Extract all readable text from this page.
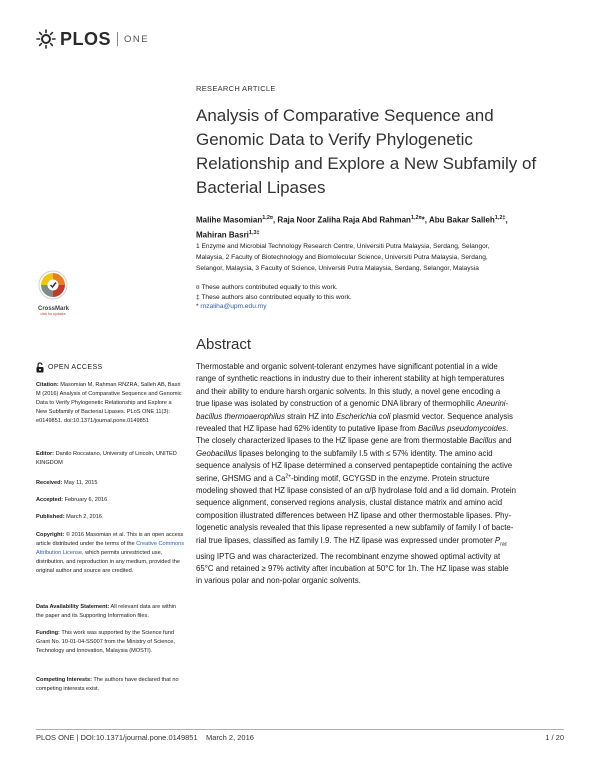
PLOS ONE
RESEARCH ARTICLE
Analysis of Comparative Sequence and
Genomic Data to Verify Phylogenetic
Relationship and Explore a New Subfamily of
Bacterial Lipases
Malihe Masomian$^{1,2¤}$, Raja Noor Zaliha Raja Abd Rahman$^{1,2¤}$*, Abu Bakar Salleh$^{1,2\ddagger}$,
Mahiran Basri$^{1,3\ddagger}$
1 Enzyme and Microbial Technology Research Centre, Universiti Putra Malaysia, Serdang, Selangor,
Malaysia, 2 Faculty of Biotechnology and Biomolecular Science, Universiti Putra Malaysia, Serdang,
Selangor, Malaysia, 3 Faculty of Science, Universiti Putra Malaysia, Serdang, Selangor, Malaysia
¤ These authors contributed equally to this work.
‡ These authors also contributed equally to this work.
* rnzaliha@upm.edu.my
CrossMark
click for updates
OPEN ACCESS
Citation: Masomian M, Rahman RNZRA, Salleh AB, Basri M (2016) Analysis of Comparative Sequence and Genomic Data to Verify Phylogenetic Relationship and Explore a New Subfamily of Bacterial Lipases. PLoS ONE 11(3): e0149851. doi:10.1371/journal.pone.0149851
Editor: Danilo Roccatano, University of Lincoln, UNITED KINGDOM
Received: May 11, 2015
Accepted: February 6, 2016
Published: March 2, 2016
Copyright: © 2016 Masomian et al. This is an open access article distributed under the terms of the Creative Commons Attribution License, which permits unrestricted use, distribution, and reproduction in any medium, provided the original author and source are credited.
Data Availability Statement: All relevant data are within the paper and its Supporting Information files.
Funding: This work was supported by the Science fund Grant No. 10-01-04-SS007 from the Ministry of Science, Technology and Innovation, Malaysia (MOSTI).
Competing Interests: The authors have declared that no competing interests exist.
Abstract
Thermostable and organic solvent-tolerant enzymes have significant potential in a wide
range of synthetic reactions in industry due to their inherent stability at high temperatures
and their ability to endure harsh organic solvents. In this study, a novel gene encoding a
true lipase was isolated by construction of a genomic DNA library of thermophilic Aneurini-
bacillus thermoaerophilus strain HZ into Escherichia coli plasmid vector. Sequence analysis
revealed that HZ lipase had 62% identity to putative lipase from Bacillus pseudomycoides.
The closely characterized lipases to the HZ lipase gene are from thermostable Bacillus and
Geobacillus lipases belonging to the subfamily I.5 with ≤ 57% identity. The amino acid
sequence analysis of HZ lipase determined a conserved pentapeptide containing the active
serine, GHSMG and a $Ca^{2+}$-binding motif, GCYGSD in the enzyme. Protein structure
modeling showed that HZ lipase consisted of an α/β hydrolase fold and a lid domain. Protein
sequence alignment, conserved regions analysis, clustal distance matrix and amino acid
composition illustrated differences between HZ lipase and other thermostable lipases. Phy-
logenetic analysis revealed that this lipase represented a new subfamily of family I of bacte-
rial true lipases, classified as family I.9. The HZ lipase was expressed under promoter $P_{rac}$
using IPTG and was characterized. The recombinant enzyme showed optimal activity at
65°C and retained ≥ 97% activity after incubation at 50°C for 1h. The HZ lipase was stable
in various polar and non-polar organic solvents.
PLOS ONE | DOI:10.1371/journal.pone.0149851    March 2, 2016	1 / 20
